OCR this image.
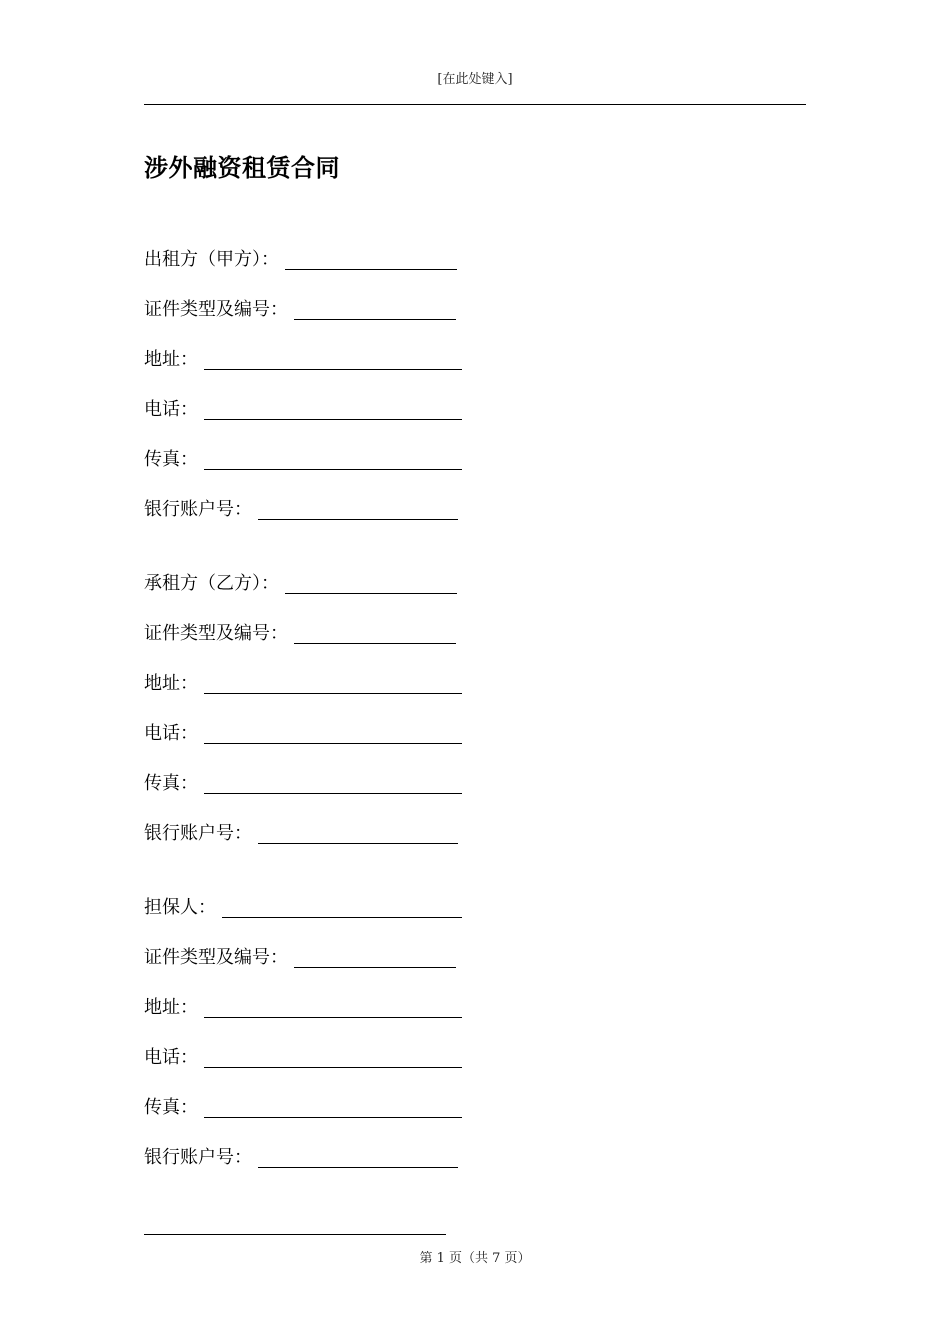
[在此处键入]
涉外融资租赁合同
出租方（甲方）：
证件类型及编号：
地址：
电话：
传真：
银行账户号：
承租方（乙方）：
证件类型及编号：
地址：
电话：
传真：
银行账户号：
担保人：
证件类型及编号：
地址：
电话：
传真：
银行账户号：
第 1 页（共 7 页）
